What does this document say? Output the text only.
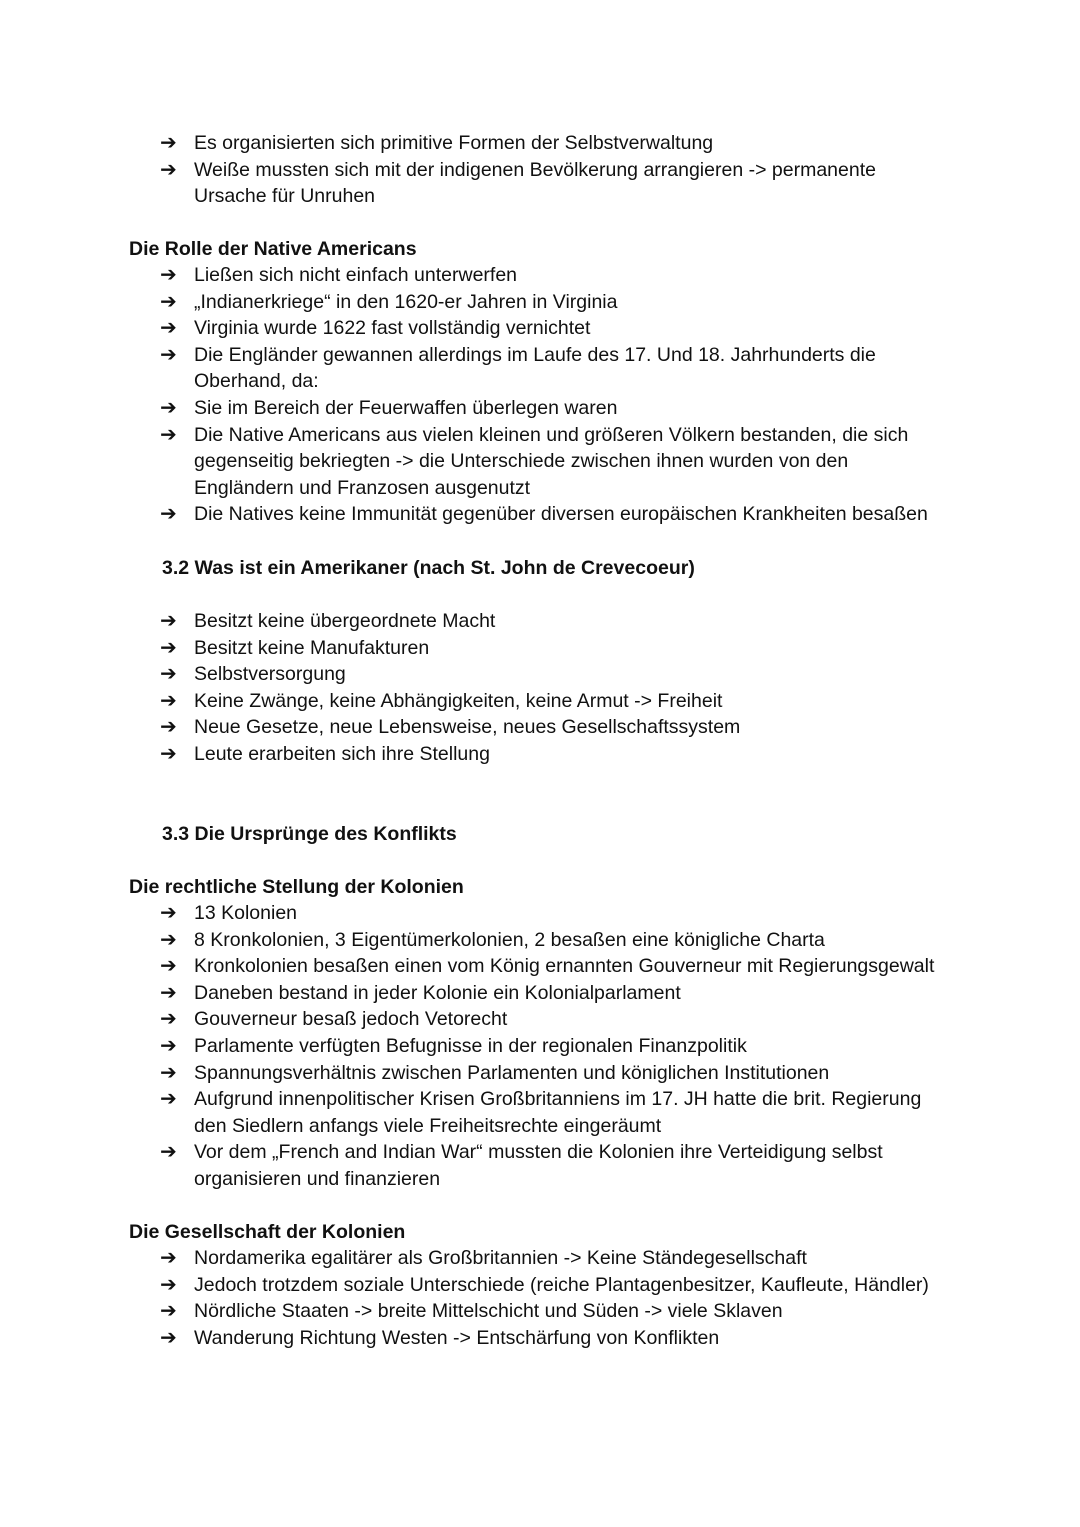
➔ Es organisierten sich primitive Formen der Selbstverwaltung
➔ Weiße mussten sich mit der indigenen Bevölkerung arrangieren -> permanente
Ursache für Unruhen
Die Rolle der Native Americans
➔ Ließen sich nicht einfach unterwerfen
➔ „Indianerkriege“ in den 1620-er Jahren in Virginia
➔ Virginia wurde 1622 fast vollständig vernichtet
➔ Die Engländer gewannen allerdings im Laufe des 17. Und 18. Jahrhunderts die
Oberhand, da:
➔ Sie im Bereich der Feuerwaffen überlegen waren
➔ Die Native Americans aus vielen kleinen und größeren Völkern bestanden, die sich
gegenseitig bekriegten -> die Unterschiede zwischen ihnen wurden von den
Engländern und Franzosen ausgenutzt
➔ Die Natives keine Immunität gegenüber diversen europäischen Krankheiten besaßen
3.2 Was ist ein Amerikaner (nach St. John de Crevecoeur)
➔ Besitzt keine übergeordnete Macht
➔ Besitzt keine Manufakturen
➔ Selbstversorgung
➔ Keine Zwänge, keine Abhängigkeiten, keine Armut -> Freiheit
➔ Neue Gesetze, neue Lebensweise, neues Gesellschaftssystem
➔ Leute erarbeiten sich ihre Stellung
3.3 Die Ursprünge des Konflikts
Die rechtliche Stellung der Kolonien
➔ 13 Kolonien
➔ 8 Kronkolonien, 3 Eigentümerkolonien, 2 besaßen eine königliche Charta
➔ Kronkolonien besaßen einen vom König ernannten Gouverneur mit Regierungsgewalt
➔ Daneben bestand in jeder Kolonie ein Kolonialparlament
➔ Gouverneur besaß jedoch Vetorecht
➔ Parlamente verfügten Befugnisse in der regionalen Finanzpolitik
➔ Spannungsverhältnis zwischen Parlamenten und königlichen Institutionen
➔ Aufgrund innenpolitischer Krisen Großbritanniens im 17. JH hatte die brit. Regierung
den Siedlern anfangs viele Freiheitsrechte eingeräumt
➔ Vor dem „French and Indian War“ mussten die Kolonien ihre Verteidigung selbst
organisieren und finanzieren
Die Gesellschaft der Kolonien
➔ Nordamerika egalitärer als Großbritannien -> Keine Ständegesellschaft
➔ Jedoch trotzdem soziale Unterschiede (reiche Plantagenbesitzer, Kaufleute, Händler)
➔ Nördliche Staaten -> breite Mittelschicht und Süden -> viele Sklaven
➔ Wanderung Richtung Westen -> Entschärfung von Konflikten
